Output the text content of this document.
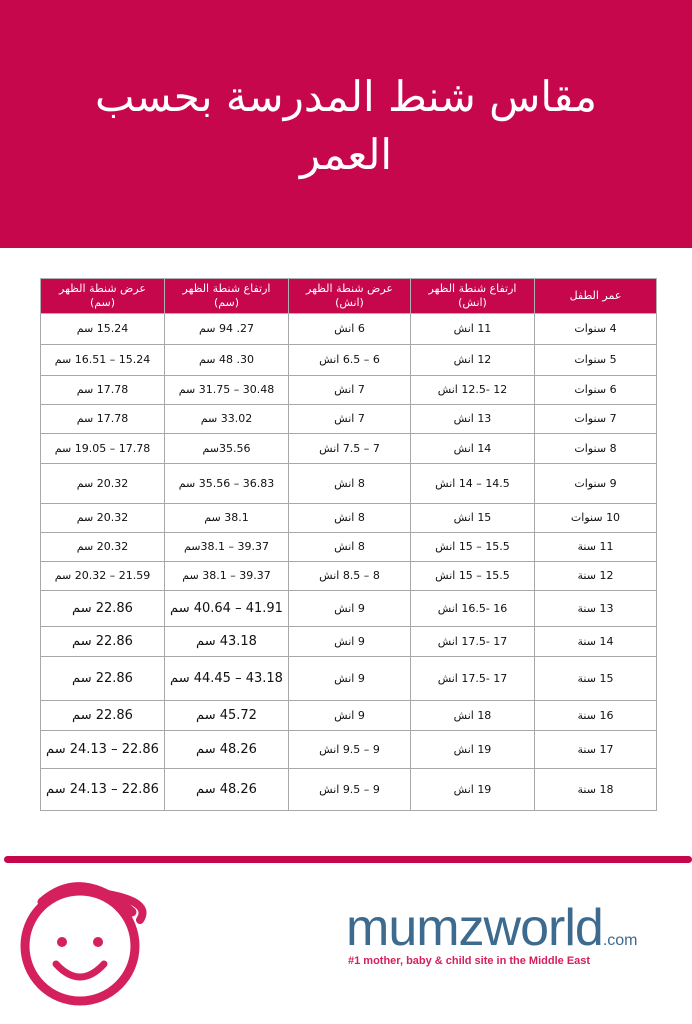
مقاس شنط المدرسة بحسب
العمر
عمر الطفل	ارتفاع شنطة الظهر (انش)	عرض شنطة الظهر (انش)	ارتفاع شنطة الظهر (سم)	عرض شنطة الظهر (سم)
4 سنوات	11 انش	6 انش	27. 94 سم	15.24 سم
5 سنوات	12 انش	6 – 6.5 انش	30. 48 سم	15.24 – 16.51 سم
6 سنوات	12 -12.5 انش	7 انش	30.48 – 31.75 سم	17.78 سم
7 سنوات	13 انش	7 انش	33.02 سم	17.78 سم
8 سنوات	14 انش	7 – 7.5 انش	35.56سم	17.78 – 19.05 سم
9 سنوات	14.5 – 14 انش	8 انش	36.83 – 35.56 سم	20.32 سم
10 سنوات	15 انش	8 انش	38.1 سم	20.32 سم
11 سنة	15.5 – 15 انش	8 انش	39.37 – 38.1سم	20.32 سم
12 سنة	15.5 – 15 انش	8 – 8.5 انش	39.37 – 38.1 سم	21.59 – 20.32 سم
13 سنة	16 -16.5 انش	9 انش	41.91 – 40.64 سم	22.86 سم
14 سنة	17 -17.5 انش	9 انش	43.18 سم	22.86 سم
15 سنة	17 -17.5 انش	9 انش	43.18 – 44.45 سم	22.86 سم
16 سنة	18 انش	9 انش	45.72 سم	22.86 سم
17 سنة	19 انش	9 – 9.5 انش	48.26 سم	22.86 – 24.13 سم
18 سنة	19 انش	9 – 9.5 انش	48.26 سم	22.86 – 24.13 سم
mumzworld.com
#1 mother, baby & child site in the Middle East
